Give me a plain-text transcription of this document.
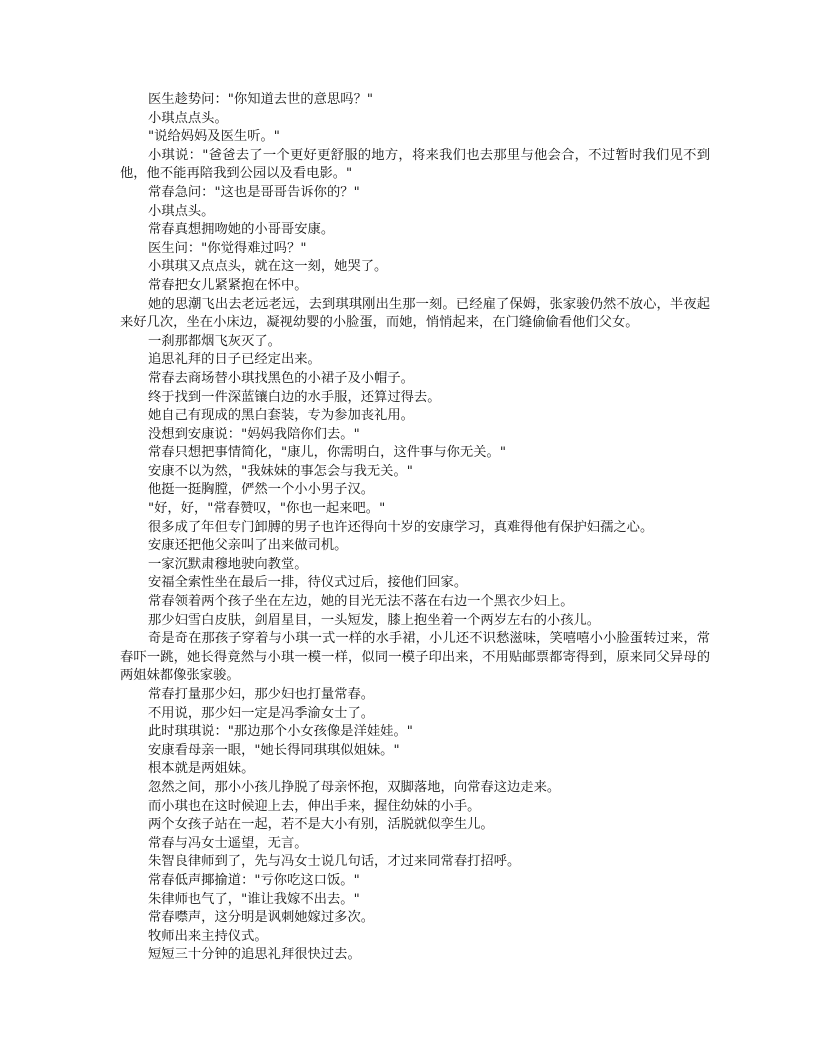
医生趁势问："你知道去世的意思吗？"

小琪点点头。

"说给妈妈及医生听。"

小琪说："爸爸去了一个更好更舒服的地方，将来我们也去那里与他会合，不过暂时我们见不到他，他不能再陪我到公园以及看电影。"

常春急问："这也是哥哥告诉你的？"

小琪点头。

常春真想拥吻她的小哥哥安康。

医生问："你觉得难过吗？"

小琪琪又点点头，就在这一刻，她哭了。

常春把女儿紧紧抱在怀中。

她的思潮飞出去老远老远，去到琪琪刚出生那一刻。已经雇了保姆，张家骏仍然不放心，半夜起来好几次，坐在小床边，凝视幼婴的小脸蛋，而她，悄悄起来，在门缝偷偷看他们父女。

一刹那都烟飞灰灭了。

追思礼拜的日子已经定出来。

常春去商场替小琪找黑色的小裙子及小帽子。

终于找到一件深蓝镶白边的水手服，还算过得去。

她自己有现成的黑白套装，专为参加丧礼用。

没想到安康说："妈妈我陪你们去。"

常春只想把事情简化，"康儿，你需明白，这件事与你无关。"

安康不以为然，"我妹妹的事怎会与我无关。"

他挺一挺胸膛，俨然一个小小男子汉。

"好，好，"常春赞叹，"你也一起来吧。"

很多成了年但专门卸膊的男子也许还得向十岁的安康学习，真难得他有保护妇孺之心。

安康还把他父亲叫了出来做司机。

一家沉默肃穆地驶向教堂。

安福全索性坐在最后一排，待仪式过后，接他们回家。

常春领着两个孩子坐在左边，她的目光无法不落在右边一个黑衣少妇上。

那少妇雪白皮肤，剑眉星目，一头短发，膝上抱坐着一个两岁左右的小孩儿。

奇是奇在那孩子穿着与小琪一式一样的水手裙，小儿还不识愁滋味，笑嘻嘻小小脸蛋转过来，常春吓一跳，她长得竟然与小琪一模一样，似同一模子印出来，不用贴邮票都寄得到，原来同父异母的两姐妹都像张家骏。

常春打量那少妇，那少妇也打量常春。

不用说，那少妇一定是冯季渝女士了。

此时琪琪说："那边那个小女孩像是洋娃娃。"

安康看母亲一眼，"她长得同琪琪似姐妹。"

根本就是两姐妹。

忽然之间，那小小孩儿挣脱了母亲怀抱，双脚落地，向常春这边走来。

而小琪也在这时候迎上去，伸出手来，握住幼妹的小手。

两个女孩子站在一起，若不是大小有别，活脱就似孪生儿。

常春与冯女士遥望，无言。

朱智良律师到了，先与冯女士说几句话，才过来同常春打招呼。

常春低声揶揄道："亏你吃这口饭。"

朱律师也气了，"谁让我嫁不出去。"

常春噤声，这分明是讽刺她嫁过多次。

牧师出来主持仪式。

短短三十分钟的追思礼拜很快过去。
